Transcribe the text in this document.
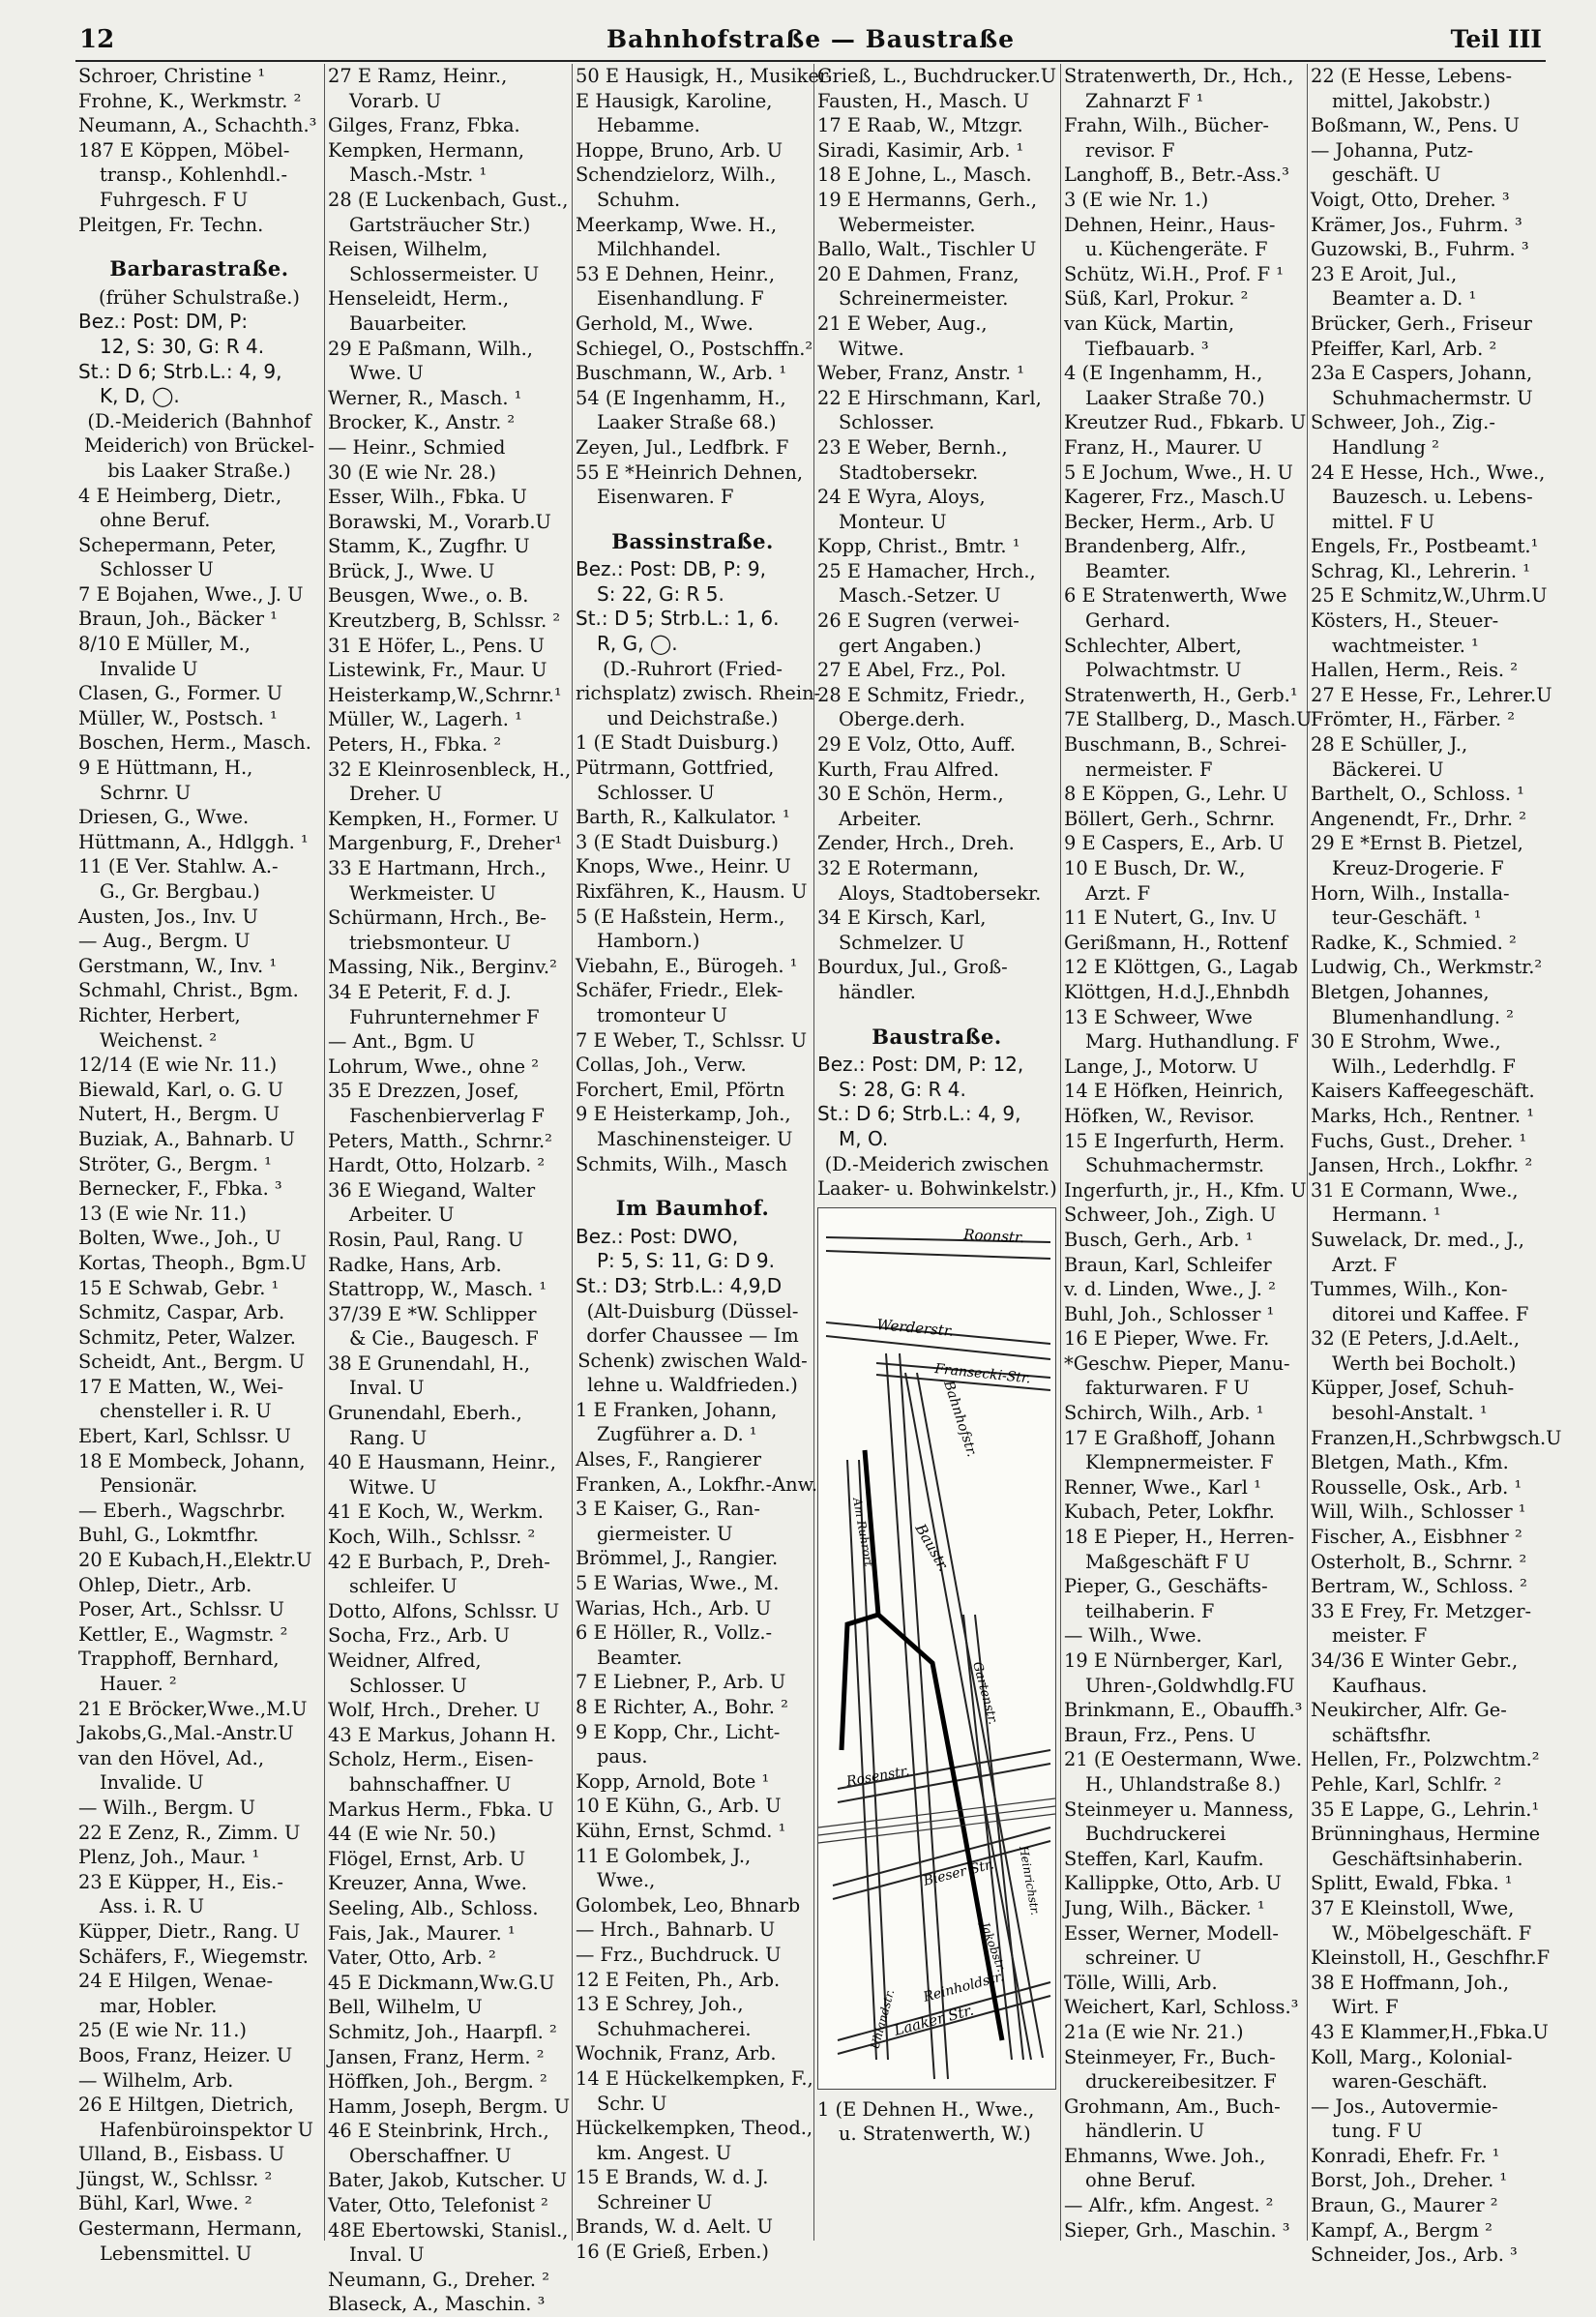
12	Bahnhofstraße — Baustraße	Teil III
Schroer, Christine ¹
Frohne, K., Werkmstr. ²
Neumann, A., Schachth.³
187 E Köppen, Möbel-
transp., Kohlenhdl.-
Fuhrgesch. F U
Pleitgen, Fr. Techn.
Barbarastraße.
(früher Schulstraße.)
Bez.: Post: DM, P:
12, S: 30, G: R 4.
St.: D 6; Strb.L.: 4, 9,
K, D, ◯.
(D.-Meiderich (Bahnhof
Meiderich) von Brückel-
bis Laaker Straße.)
4 E Heimberg, Dietr.,
ohne Beruf.
Schepermann, Peter,
Schlosser U
7 E Bojahen, Wwe., J. U
Braun, Joh., Bäcker ¹
8/10 E Müller, M.,
Invalide U
Clasen, G., Former. U
Müller, W., Postsch. ¹
Boschen, Herm., Masch.
9 E Hüttmann, H.,
Schrnr. U
Driesen, G., Wwe.
Hüttmann, A., Hdlggh. ¹
11 (E Ver. Stahlw. A.-
G., Gr. Bergbau.)
Austen, Jos., Inv. U
— Aug., Bergm. U
Gerstmann, W., Inv. ¹
Schmahl, Christ., Bgm.
Richter, Herbert,
Weichenst. ²
12/14 (E wie Nr. 11.)
Biewald, Karl, o. G. U
Nutert, H., Bergm. U
Buziak, A., Bahnarb. U
Ströter, G., Bergm. ¹
Bernecker, F., Fbka. ³
13 (E wie Nr. 11.)
Bolten, Wwe., Joh., U
Kortas, Theoph., Bgm.U
15 E Schwab, Gebr. ¹
Schmitz, Caspar, Arb.
Schmitz, Peter, Walzer.
Scheidt, Ant., Bergm. U
17 E Matten, W., Wei-
chensteller i. R. U
Ebert, Karl, Schlssr. U
18 E Mombeck, Johann,
Pensionär.
— Eberh., Wagschrbr.
Buhl, G., Lokmtfhr.
20 E Kubach,H.,Elektr.U
Ohlep, Dietr., Arb.
Poser, Art., Schlssr. U
Kettler, E., Wagmstr. ²
Trapphoff, Bernhard,
Hauer. ²
21 E Bröcker,Wwe.,M.U
Jakobs,G.,Mal.-Anstr.U
van den Hövel, Ad.,
Invalide. U
— Wilh., Bergm. U
22 E Zenz, R., Zimm. U
Plenz, Joh., Maur. ¹
23 E Küpper, H., Eis.-
Ass. i. R. U
Küpper, Dietr., Rang. U
Schäfers, F., Wiegemstr.
24 E Hilgen, Wenae-
mar, Hobler.
25 (E wie Nr. 11.)
Boos, Franz, Heizer. U
— Wilhelm, Arb.
26 E Hiltgen, Dietrich,
Hafenbüroinspektor U
Ulland, B., Eisbass. U
Jüngst, W., Schlssr. ²
Bühl, Karl, Wwe. ²
Gestermann, Hermann,
Lebensmittel. U
27 E Ramz, Heinr.,
Vorarb. U
Gilges, Franz, Fbka.
Kempken, Hermann,
Masch.-Mstr. ¹
28 (E Luckenbach, Gust.,
Gartsträucher Str.)
Reisen, Wilhelm,
Schlossermeister. U
Henseleidt, Herm.,
Bauarbeiter.
29 E Paßmann, Wilh.,
Wwe. U
Werner, R., Masch. ¹
Brocker, K., Anstr. ²
— Heinr., Schmied
30 (E wie Nr. 28.)
Esser, Wilh., Fbka. U
Borawski, M., Vorarb.U
Stamm, K., Zugfhr. U
Brück, J., Wwe. U
Beusgen, Wwe., o. B.
Kreutzberg, B, Schlssr. ²
31 E Höfer, L., Pens. U
Listewink, Fr., Maur. U
Heisterkamp,W.,Schrnr.¹
Müller, W., Lagerh. ¹
Peters, H., Fbka. ²
32 E Kleinrosenbleck, H.,
Dreher. U
Kempken, H., Former. U
Margenburg, F., Dreher¹
33 E Hartmann, Hrch.,
Werkmeister. U
Schürmann, Hrch., Be-
triebsmonteur. U
Massing, Nik., Berginv.²
34 E Peterit, F. d. J.
Fuhrunternehmer F
— Ant., Bgm. U
Lohrum, Wwe., ohne ²
35 E Drezzen, Josef,
Faschenbierverlag F
Peters, Matth., Schrnr.²
Hardt, Otto, Holzarb. ²
36 E Wiegand, Walter
Arbeiter. U
Rosin, Paul, Rang. U
Radke, Hans, Arb.
Stattropp, W., Masch. ¹
37/39 E *W. Schlipper
& Cie., Baugesch. F
38 E Grunendahl, H.,
Inval. U
Grunendahl, Eberh.,
Rang. U
40 E Hausmann, Heinr.,
Witwe. U
41 E Koch, W., Werkm.
Koch, Wilh., Schlssr. ²
42 E Burbach, P., Dreh-
schleifer. U
Dotto, Alfons, Schlssr. U
Socha, Frz., Arb. U
Weidner, Alfred,
Schlosser. U
Wolf, Hrch., Dreher. U
43 E Markus, Johann H.
Scholz, Herm., Eisen-
bahnschaffner. U
Markus Herm., Fbka. U
44 (E wie Nr. 50.)
Flögel, Ernst, Arb. U
Kreuzer, Anna, Wwe.
Seeling, Alb., Schloss.
Fais, Jak., Maurer. ¹
Vater, Otto, Arb. ²
45 E Dickmann,Ww.G.U
Bell, Wilhelm, U
Schmitz, Joh., Haarpfl. ²
Jansen, Franz, Herm. ²
Höffken, Joh., Bergm. ²
Hamm, Joseph, Bergm. U
46 E Steinbrink, Hrch.,
Oberschaffner. U
Bater, Jakob, Kutscher. U
Vater, Otto, Telefonist ²
48E Ebertowski, Stanisl.,
Inval. U
Neumann, G., Dreher. ²
Blaseck, A., Maschin. ³
50 E Hausigk, H., Musiker
E Hausigk, Karoline,
Hebamme.
Hoppe, Bruno, Arb. U
Schendzielorz, Wilh.,
Schuhm.
Meerkamp, Wwe. H.,
Milchhandel.
53 E Dehnen, Heinr.,
Eisenhandlung. F
Gerhold, M., Wwe.
Schiegel, O., Postschffn.²
Buschmann, W., Arb. ¹
54 (E Ingenhamm, H.,
Laaker Straße 68.)
Zeyen, Jul., Ledfbrk. F
55 E *Heinrich Dehnen,
Eisenwaren. F
Bassinstraße.
Bez.: Post: DB, P: 9,
S: 22, G: R 5.
St.: D 5; Strb.L.: 1, 6.
R, G, ◯.
(D.-Ruhrort (Fried-
richsplatz) zwisch. Rhein-
und Deichstraße.)
1 (E Stadt Duisburg.)
Pütrmann, Gottfried,
Schlosser. U
Barth, R., Kalkulator. ¹
3 (E Stadt Duisburg.)
Knops, Wwe., Heinr. U
Rixfähren, K., Hausm. U
5 (E Haßstein, Herm.,
Hamborn.)
Viebahn, E., Bürogeh. ¹
Schäfer, Friedr., Elek-
tromonteur U
7 E Weber, T., Schlssr. U
Collas, Joh., Verw.
Forchert, Emil, Pförtn
9 E Heisterkamp, Joh.,
Maschinensteiger. U
Schmits, Wilh., Masch
Im Baumhof.
Bez.: Post: DWO,
P: 5, S: 11, G: D 9.
St.: D3; Strb.L.: 4,9,D
(Alt-Duisburg (Düssel-
dorfer Chaussee — Im
Schenk) zwischen Wald-
lehne u. Waldfrieden.)
1 E Franken, Johann,
Zugführer a. D. ¹
Alses, F., Rangierer
Franken, A., Lokfhr.-Anw.
3 E Kaiser, G., Ran-
giermeister. U
Brömmel, J., Rangier.
5 E Warias, Wwe., M.
Warias, Hch., Arb. U
6 E Höller, R., Vollz.-
Beamter.
7 E Liebner, P., Arb. U
8 E Richter, A., Bohr. ²
9 E Kopp, Chr., Licht-
paus.
Kopp, Arnold, Bote ¹
10 E Kühn, G., Arb. U
Kühn, Ernst, Schmd. ¹
11 E Golombek, J.,
Wwe.,
Golombek, Leo, Bhnarb
— Hrch., Bahnarb. U
— Frz., Buchdruck. U
12 E Feiten, Ph., Arb.
13 E Schrey, Joh.,
Schuhmacherei.
Wochnik, Franz, Arb.
14 E Hückelkempken, F.,
Schr. U
Hückelkempken, Theod.,
km. Angest. U
15 E Brands, W. d. J.
Schreiner U
Brands, W. d. Aelt. U
16 (E Grieß, Erben.)
Grieß, L., Buchdrucker.U
Fausten, H., Masch. U
17 E Raab, W., Mtzgr.
Siradi, Kasimir, Arb. ¹
18 E Johne, L., Masch.
19 E Hermanns, Gerh.,
Webermeister.
Ballo, Walt., Tischler U
20 E Dahmen, Franz,
Schreinermeister.
21 E Weber, Aug.,
Witwe.
Weber, Franz, Anstr. ¹
22 E Hirschmann, Karl,
Schlosser.
23 E Weber, Bernh.,
Stadtobersekr.
24 E Wyra, Aloys,
Monteur. U
Kopp, Christ., Bmtr. ¹
25 E Hamacher, Hrch.,
Masch.-Setzer. U
26 E Sugren (verwei-
gert Angaben.)
27 E Abel, Frz., Pol.
28 E Schmitz, Friedr.,
Oberge.derh.
29 E Volz, Otto, Auff.
Kurth, Frau Alfred.
30 E Schön, Herm.,
Arbeiter.
Zender, Hrch., Dreh.
32 E Rotermann,
Aloys, Stadtobersekr.
34 E Kirsch, Karl,
Schmelzer. U
Bourdux, Jul., Groß-
händler.
Baustraße.
Bez.: Post: DM, P: 12,
S: 28, G: R 4.
St.: D 6; Strb.L.: 4, 9,
M, O.
(D.-Meiderich zwischen
Laaker- u. Bohwinkelstr.)
Roonstr.
Werderstr.
Fransecki-Str.
Baustr.
Rosenstr.
Gartenstr.
Bieser Str.
Laaker Str.
Reinholdstr.
Heinrichstr.
Jakobstr.
Uhlandstr.
Am Ruhrort
Bahnhofstr.
1 (E Dehnen H., Wwe.,
u. Stratenwerth, W.)
Stratenwerth, Dr., Hch.,
Zahnarzt F ¹
Frahn, Wilh., Bücher-
revisor. F
Langhoff, B., Betr.-Ass.³
3 (E wie Nr. 1.)
Dehnen, Heinr., Haus-
u. Küchengeräte. F
Schütz, Wi.H., Prof. F ¹
Süß, Karl, Prokur. ²
van Kück, Martin,
Tiefbauarb. ³
4 (E Ingenhamm, H.,
Laaker Straße 70.)
Kreutzer Rud., Fbkarb. U
Franz, H., Maurer. U
5 E Jochum, Wwe., H. U
Kagerer, Frz., Masch.U
Becker, Herm., Arb. U
Brandenberg, Alfr.,
Beamter.
6 E Stratenwerth, Wwe
Gerhard.
Schlechter, Albert,
Polwachtmstr. U
Stratenwerth, H., Gerb.¹
7E Stallberg, D., Masch.U
Buschmann, B., Schrei-
nermeister. F
8 E Köppen, G., Lehr. U
Böllert, Gerh., Schrnr.
9 E Caspers, E., Arb. U
10 E Busch, Dr. W.,
Arzt. F
11 E Nutert, G., Inv. U
Gerißmann, H., Rottenf
12 E Klöttgen, G., Lagab
Klöttgen, H.d.J.,Ehnbdh
13 E Schweer, Wwe
Marg. Huthandlung. F
Lange, J., Motorw. U
14 E Höfken, Heinrich,
Höfken, W., Revisor.
15 E Ingerfurth, Herm.
Schuhmachermstr.
Ingerfurth, jr., H., Kfm. U
Schweer, Joh., Zigh. U
Busch, Gerh., Arb. ¹
Braun, Karl, Schleifer
v. d. Linden, Wwe., J. ²
Buhl, Joh., Schlosser ¹
16 E Pieper, Wwe. Fr.
*Geschw. Pieper, Manu-
fakturwaren. F U
Schirch, Wilh., Arb. ¹
17 E Graßhoff, Johann
Klempnermeister. F
Renner, Wwe., Karl ¹
Kubach, Peter, Lokfhr.
18 E Pieper, H., Herren-
Maßgeschäft F U
Pieper, G., Geschäfts-
teilhaberin. F
— Wilh., Wwe.
19 E Nürnberger, Karl,
Uhren-,Goldwhdlg.FU
Brinkmann, E., Obauffh.³
Braun, Frz., Pens. U
21 (E Oestermann, Wwe.
H., Uhlandstraße 8.)
Steinmeyer u. Manness,
Buchdruckerei
Steffen, Karl, Kaufm.
Kallippke, Otto, Arb. U
Jung, Wilh., Bäcker. ¹
Esser, Werner, Modell-
schreiner. U
Tölle, Willi, Arb.
Weichert, Karl, Schloss.³
21a (E wie Nr. 21.)
Steinmeyer, Fr., Buch-
druckereibesitzer. F
Grohmann, Am., Buch-
händlerin. U
Ehmanns, Wwe. Joh.,
ohne Beruf.
— Alfr., kfm. Angest. ²
Sieper, Grh., Maschin. ³
22 (E Hesse, Lebens-
mittel, Jakobstr.)
Boßmann, W., Pens. U
— Johanna, Putz-
geschäft. U
Voigt, Otto, Dreher. ³
Krämer, Jos., Fuhrm. ³
Guzowski, B., Fuhrm. ³
23 E Aroit, Jul.,
Beamter a. D. ¹
Brücker, Gerh., Friseur
Pfeiffer, Karl, Arb. ²
23a E Caspers, Johann,
Schuhmachermstr. U
Schweer, Joh., Zig.-
Handlung ²
24 E Hesse, Hch., Wwe.,
Bauzesch. u. Lebens-
mittel. F U
Engels, Fr., Postbeamt.¹
Schrag, Kl., Lehrerin. ¹
25 E Schmitz,W.,Uhrm.U
Kösters, H., Steuer-
wachtmeister. ¹
Hallen, Herm., Reis. ²
27 E Hesse, Fr., Lehrer.U
Frömter, H., Färber. ²
28 E Schüller, J.,
Bäckerei. U
Barthelt, O., Schloss. ¹
Angenendt, Fr., Drhr. ²
29 E *Ernst B. Pietzel,
Kreuz-Drogerie. F
Horn, Wilh., Installa-
teur-Geschäft. ¹
Radke, K., Schmied. ²
Ludwig, Ch., Werkmstr.²
Bletgen, Johannes,
Blumenhandlung. ²
30 E Strohm, Wwe.,
Wilh., Lederhdlg. F
Kaisers Kaffeegeschäft.
Marks, Hch., Rentner. ¹
Fuchs, Gust., Dreher. ¹
Jansen, Hrch., Lokfhr. ²
31 E Cormann, Wwe.,
Hermann. ¹
Suwelack, Dr. med., J.,
Arzt. F
Tummes, Wilh., Kon-
ditorei und Kaffee. F
32 (E Peters, J.d.Aelt.,
Werth bei Bocholt.)
Küpper, Josef, Schuh-
besohl-Anstalt. ¹
Franzen,H.,Schrbwgsch.U
Bletgen, Math., Kfm.
Rousselle, Osk., Arb. ¹
Will, Wilh., Schlosser ¹
Fischer, A., Eisbhner ²
Osterholt, B., Schrnr. ²
Bertram, W., Schloss. ²
33 E Frey, Fr. Metzger-
meister. F
34/36 E Winter Gebr.,
Kaufhaus.
Neukircher, Alfr. Ge-
schäftsfhr.
Hellen, Fr., Polzwchtm.²
Pehle, Karl, Schlfr. ²
35 E Lappe, G., Lehrin.¹
Brünninghaus, Hermine
Geschäftsinhaberin.
Splitt, Ewald, Fbka. ¹
37 E Kleinstoll, Wwe,
W., Möbelgeschäft. F
Kleinstoll, H., Geschfhr.F
38 E Hoffmann, Joh.,
Wirt. F
43 E Klammer,H.,Fbka.U
Koll, Marg., Kolonial-
waren-Geschäft.
— Jos., Autovermie-
tung. F U
Konradi, Ehefr. Fr. ¹
Borst, Joh., Dreher. ¹
Braun, G., Maurer ²
Kampf, A., Bergm ²
Schneider, Jos., Arb. ³
